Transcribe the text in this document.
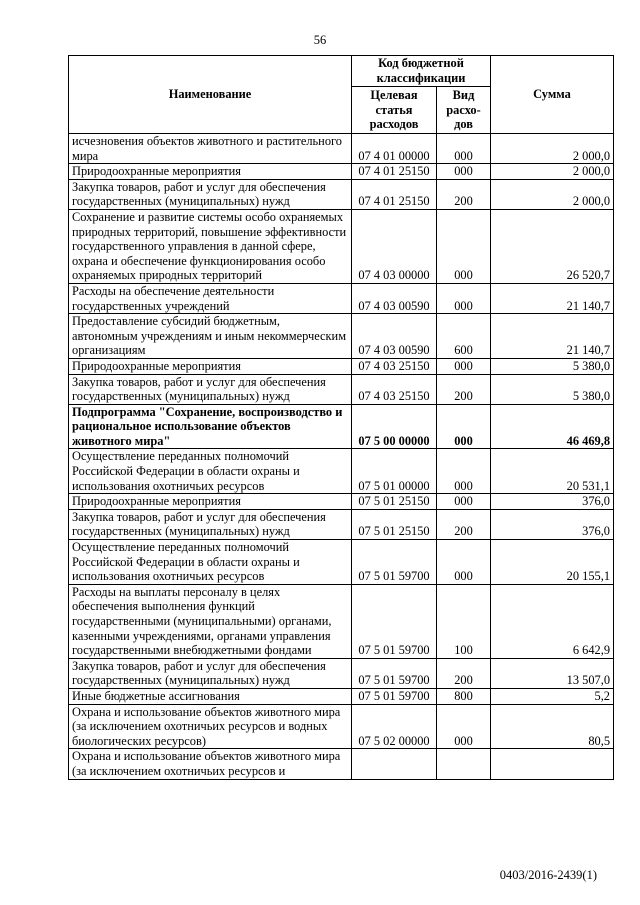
56
Наименование	Код бюджетной классификации		Сумма
	Целевая статья расходов	Вид расхо-дов	
исчезновения объектов животного и растительного мира	07 4 01 00000	000	2 000,0
Природоохранные мероприятия	07 4 01 25150	000	2 000,0
Закупка товаров, работ и услуг для обеспечения государственных (муниципальных) нужд	07 4 01 25150	200	2 000,0
Сохранение и развитие системы особо охраняемых природных территорий, повышение эффективности государственного управления в данной сфере, охрана и обеспечение функционирования особо охраняемых природных территорий	07 4 03 00000	000	26 520,7
Расходы на обеспечение деятельности государственных учреждений	07 4 03 00590	000	21 140,7
Предоставление субсидий бюджетным, автономным учреждениям и иным некоммерческим организациям	07 4 03 00590	600	21 140,7
Природоохранные мероприятия	07 4 03 25150	000	5 380,0
Закупка товаров, работ и услуг для обеспечения государственных (муниципальных) нужд	07 4 03 25150	200	5 380,0
Подпрограмма "Сохранение, воспроизводство и рациональное использование объектов животного мира"	07 5 00 00000	000	46 469,8
Осуществление переданных полномочий Российской Федерации в области охраны и использования охотничьих ресурсов	07 5 01 00000	000	20 531,1
Природоохранные мероприятия	07 5 01 25150	000	376,0
Закупка товаров, работ и услуг для обеспечения государственных (муниципальных) нужд	07 5 01 25150	200	376,0
Осуществление переданных полномочий Российской Федерации в области охраны и использования охотничьих ресурсов	07 5 01 59700	000	20 155,1
Расходы на выплаты персоналу в целях обеспечения выполнения функций государственными (муниципальными) органами, казенными учреждениями, органами управления государственными внебюджетными фондами	07 5 01 59700	100	6 642,9
Закупка товаров, работ и услуг для обеспечения государственных (муниципальных) нужд	07 5 01 59700	200	13 507,0
Иные бюджетные ассигнования	07 5 01 59700	800	5,2
Охрана и использование объектов животного мира (за исключением охотничьих ресурсов и водных биологических ресурсов)	07 5 02 00000	000	80,5
Охрана и использование объектов животного мира (за исключением охотничьих ресурсов и			
0403/2016-2439(1)
